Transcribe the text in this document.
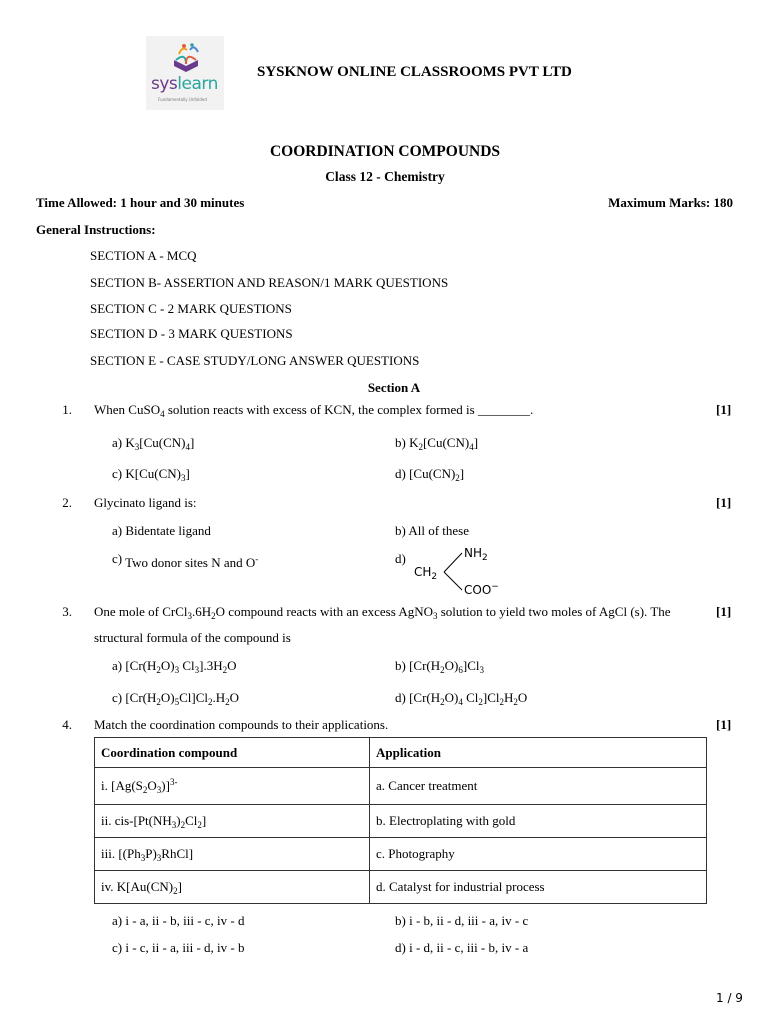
syslearn
Fundamentally Unfolded
SYSKNOW ONLINE CLASSROOMS PVT LTD
COORDINATION COMPOUNDS
Class 12 - Chemistry
Time Allowed: 1 hour and 30 minutes	Maximum Marks: 180
General Instructions:
SECTION A - MCQ
SECTION B- ASSERTION AND REASON/1 MARK QUESTIONS
SECTION C - 2 MARK QUESTIONS
SECTION D - 3 MARK QUESTIONS
SECTION E - CASE STUDY/LONG ANSWER QUESTIONS
Section A
1. When CuSO$_4$ solution reacts with excess of KCN, the complex formed is ________.	[1]
a) $K_3[Cu(CN)_4]$	b) $K_2[Cu(CN)_4]$
c) $K[Cu(CN)_3]$	d) $[Cu(CN)_2]$
2. Glycinato ligand is:	[1]
a) Bidentate ligand	b) All of these
c) Two donor sites N and O-	d)
$CH_2$
$NH_2$
COO−
3. One mole of $CrCl_3.6H_2O$ compound reacts with an excess AgNO$_3$ solution to yield two moles of AgCl (s). The	[1]
structural formula of the compound is
a) [$Cr(H_2O)_3$ $Cl_3].3H_2O$	b) $[Cr(H_2O)_6]Cl_3$
c) $[Cr(H_2O)_5Cl]Cl_2.H_2O$	d) [$Cr(H_2O)_4$ $Cl_2]Cl_2H_2O$
4. Match the coordination compounds to their applications.	[1]
Coordination compound	Application
i. $[Ag(S_2O_3)]^{3-}$	a. Cancer treatment
ii. cis-$[Pt(NH_3)_2Cl_2]$	b. Electroplating with gold
iii. $[(Ph_3P)_3RhCl]$	c. Photography
iv. $K[Au(CN)_2]$	d. Catalyst for industrial process
a) i - a, ii - b, iii - c, iv - d	b) i - b, ii - d, iii - a, iv - c
c) i - c, ii - a, iii - d, iv - b	d) i - d, ii - c, iii - b, iv - a
1 / 9
